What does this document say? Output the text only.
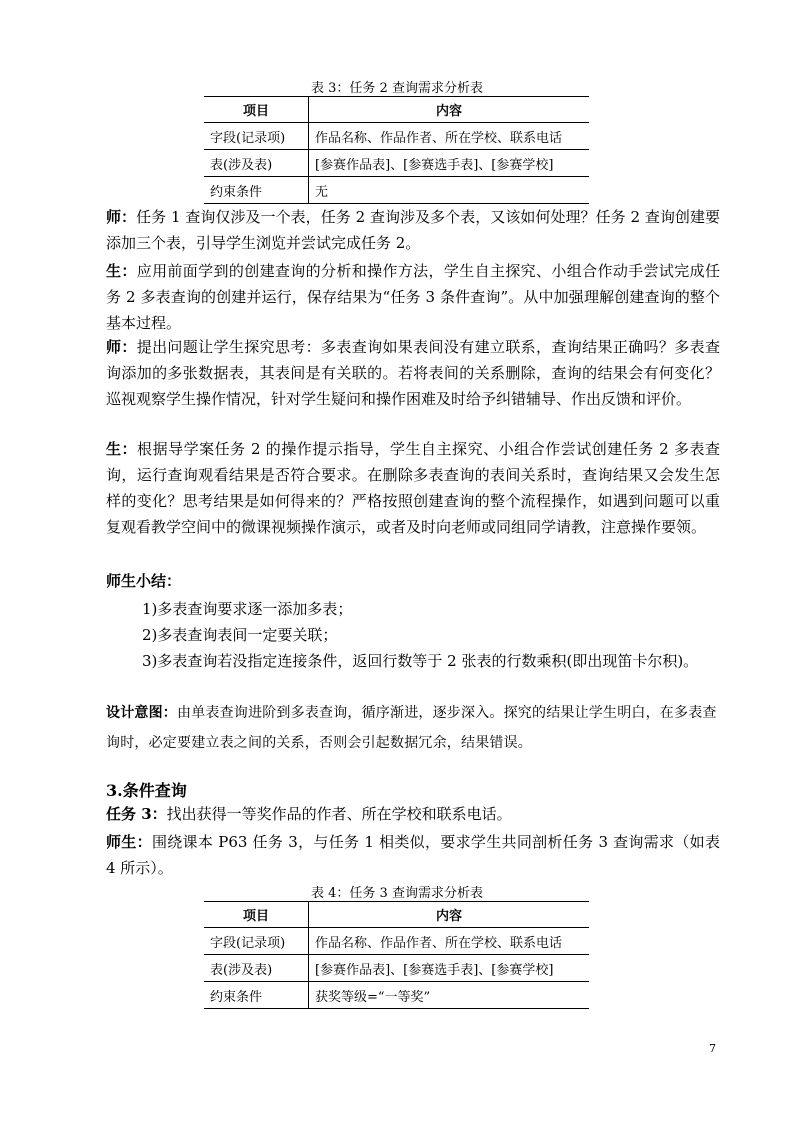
表 3：任务 2 查询需求分析表
项目	内容
字段(记录项)	作品名称、作品作者、所在学校、联系电话
表(涉及表)	[参赛作品表]、[参赛选手表]、[参赛学校]
约束条件	无

师：任务 1 查询仅涉及一个表，任务 2 查询涉及多个表，又该如何处理？任务 2 查询创建要添加三个表，引导学生浏览并尝试完成任务 2。

生：应用前面学到的创建查询的分析和操作方法，学生自主探究、小组合作动手尝试完成任务 2 多表查询的创建并运行，保存结果为“任务 3 条件查询”。从中加强理解创建查询的整个基本过程。

师：提出问题让学生探究思考：多表查询如果表间没有建立联系，查询结果正确吗？多表查询添加的多张数据表，其表间是有关联的。若将表间的关系删除，查询的结果会有何变化？巡视观察学生操作情况，针对学生疑问和操作困难及时给予纠错辅导、作出反馈和评价。

生：根据导学案任务 2 的操作提示指导，学生自主探究、小组合作尝试创建任务 2 多表查询，运行查询观看结果是否符合要求。在删除多表查询的表间关系时，查询结果又会发生怎样的变化？思考结果是如何得来的？严格按照创建查询的整个流程操作，如遇到问题可以重复观看教学空间中的微课视频操作演示，或者及时向老师或同组同学请教，注意操作要领。

师生小结：

1)多表查询要求逐一添加多表；

2)多表查询表间一定要关联；

3)多表查询若没指定连接条件，返回行数等于 2 张表的行数乘积(即出现笛卡尔积)。

设计意图：由单表查询进阶到多表查询，循序渐进，逐步深入。探究的结果让学生明白，在多表查询时，必定要建立表之间的关系，否则会引起数据冗余，结果错误。

3.条件查询

任务 3：找出获得一等奖作品的作者、所在学校和联系电话。

师生：围绕课本 P63 任务 3，与任务 1 相类似，要求学生共同剖析任务 3 查询需求（如表 4 所示）。

表 4：任务 3 查询需求分析表
项目	内容
字段(记录项)	作品名称、作品作者、所在学校、联系电话
表(涉及表)	[参赛作品表]、[参赛选手表]、[参赛学校]
约束条件	获奖等级=“一等奖”
7
